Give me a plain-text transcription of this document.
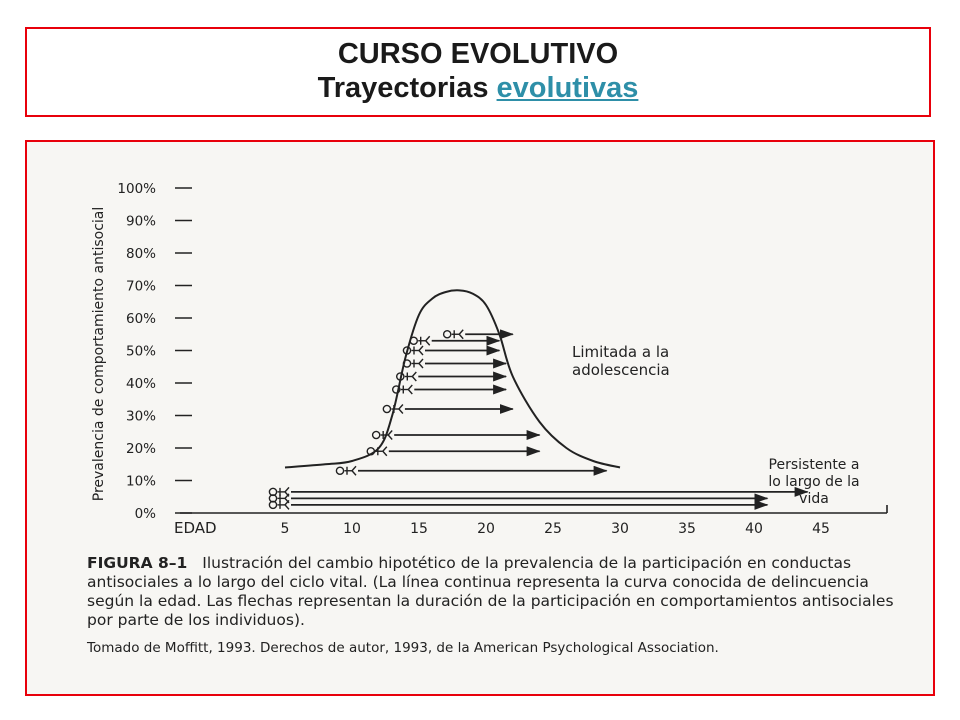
CURSO EVOLUTIVO
Trayectorias evolutivas
0%
10%
20%
30%
40%
50%
60%
70%
80%
90%
100%
5	10	15	20	25	30	35	40	45
Prevalencia de comportamiento antisocial
EDAD
Limitada a la
adolescencia
Persistente a
lo largo de la
vida
FIGURA 8–1 Ilustración del cambio hipotético de la prevalencia de la participación en conductas antisociales a lo largo del ciclo vital. (La línea continua representa la curva conocida de delincuencia según la edad. Las flechas representan la duración de la participación en comportamientos antisociales por parte de los individuos).
Tomado de Moffitt, 1993. Derechos de autor, 1993, de la American Psychological Association.
